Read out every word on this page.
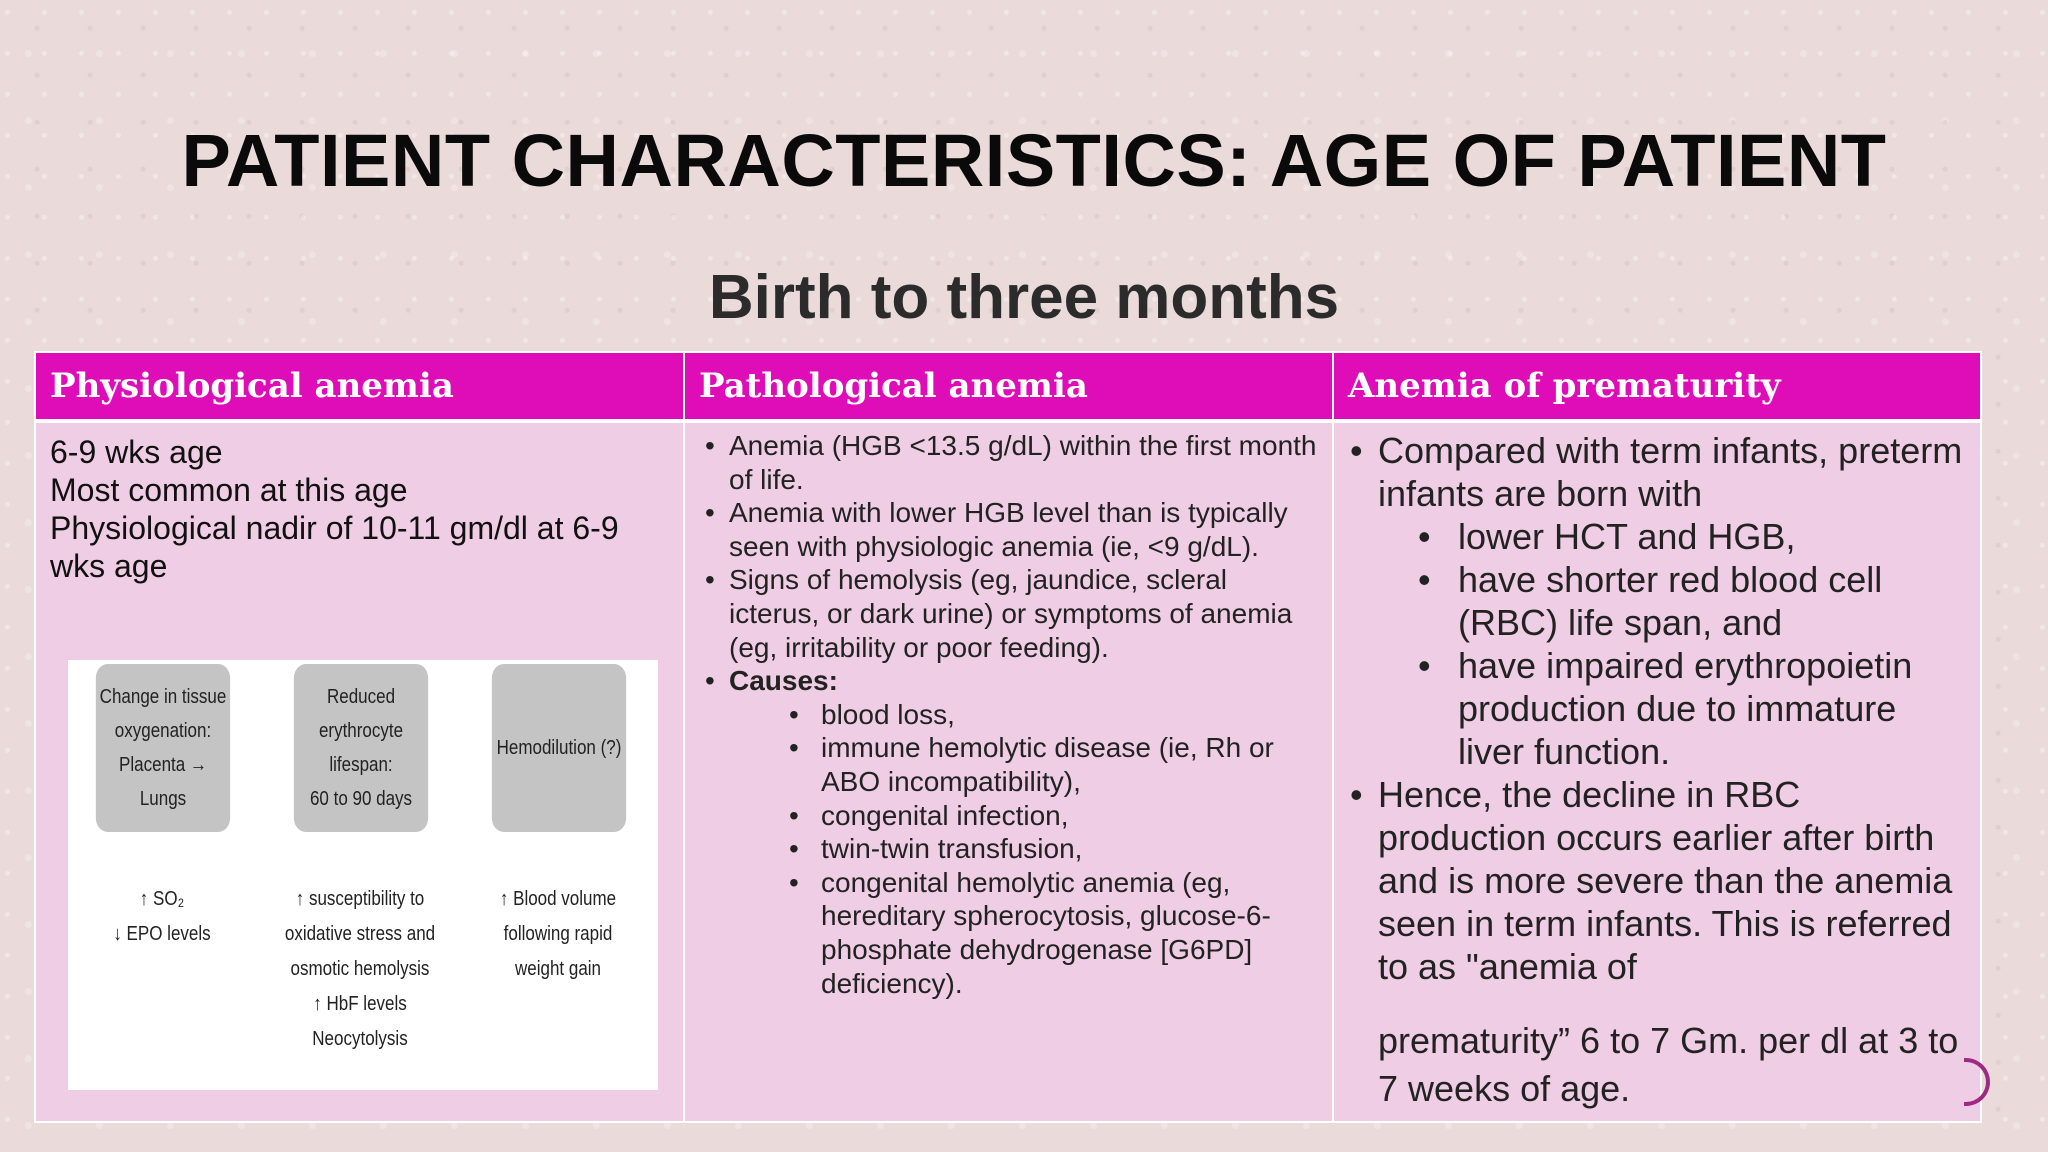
PATIENT CHARACTERISTICS: AGE OF PATIENT
Birth to three months
Physiological anemia	Pathological anemia	Anemia of prematurity
6-9 wks age
Most common at this age
Physiological nadir of 10-11 gm/dl at 6-9 wks age
Change in tissue
oxygenation:
Placenta → Lungs
Reduced erythrocyte
lifespan:
60 to 90 days
Hemodilution (?)
↑ SO₂
↓ EPO levels
↑ susceptibility to
oxidative stress and
osmotic hemolysis
↑ HbF levels
Neocytolysis
↑ Blood volume
following rapid
weight gain
• Anemia (HGB <13.5 g/dL) within the first month of life.
• Anemia with lower HGB level than is typically seen with physiologic anemia (ie, <9 g/dL).
• Signs of hemolysis (eg, jaundice, scleral icterus, or dark urine) or symptoms of anemia (eg, irritability or poor feeding).
• Causes:
• blood loss,
• immune hemolytic disease (ie, Rh or ABO incompatibility),
• congenital infection,
• twin-twin transfusion,
• congenital hemolytic anemia (eg, hereditary spherocytosis, glucose-6-phosphate dehydrogenase [G6PD] deficiency).
• Compared with term infants, preterm infants are born with
• lower HCT and HGB,
• have shorter red blood cell (RBC) life span, and
• have impaired erythropoietin production due to immature liver function.
• Hence, the decline in RBC production occurs earlier after birth and is more severe than the anemia seen in term infants. This is referred to as "anemia of
prematurity” 6 to 7 Gm. per dl at 3 to 7 weeks of age.
